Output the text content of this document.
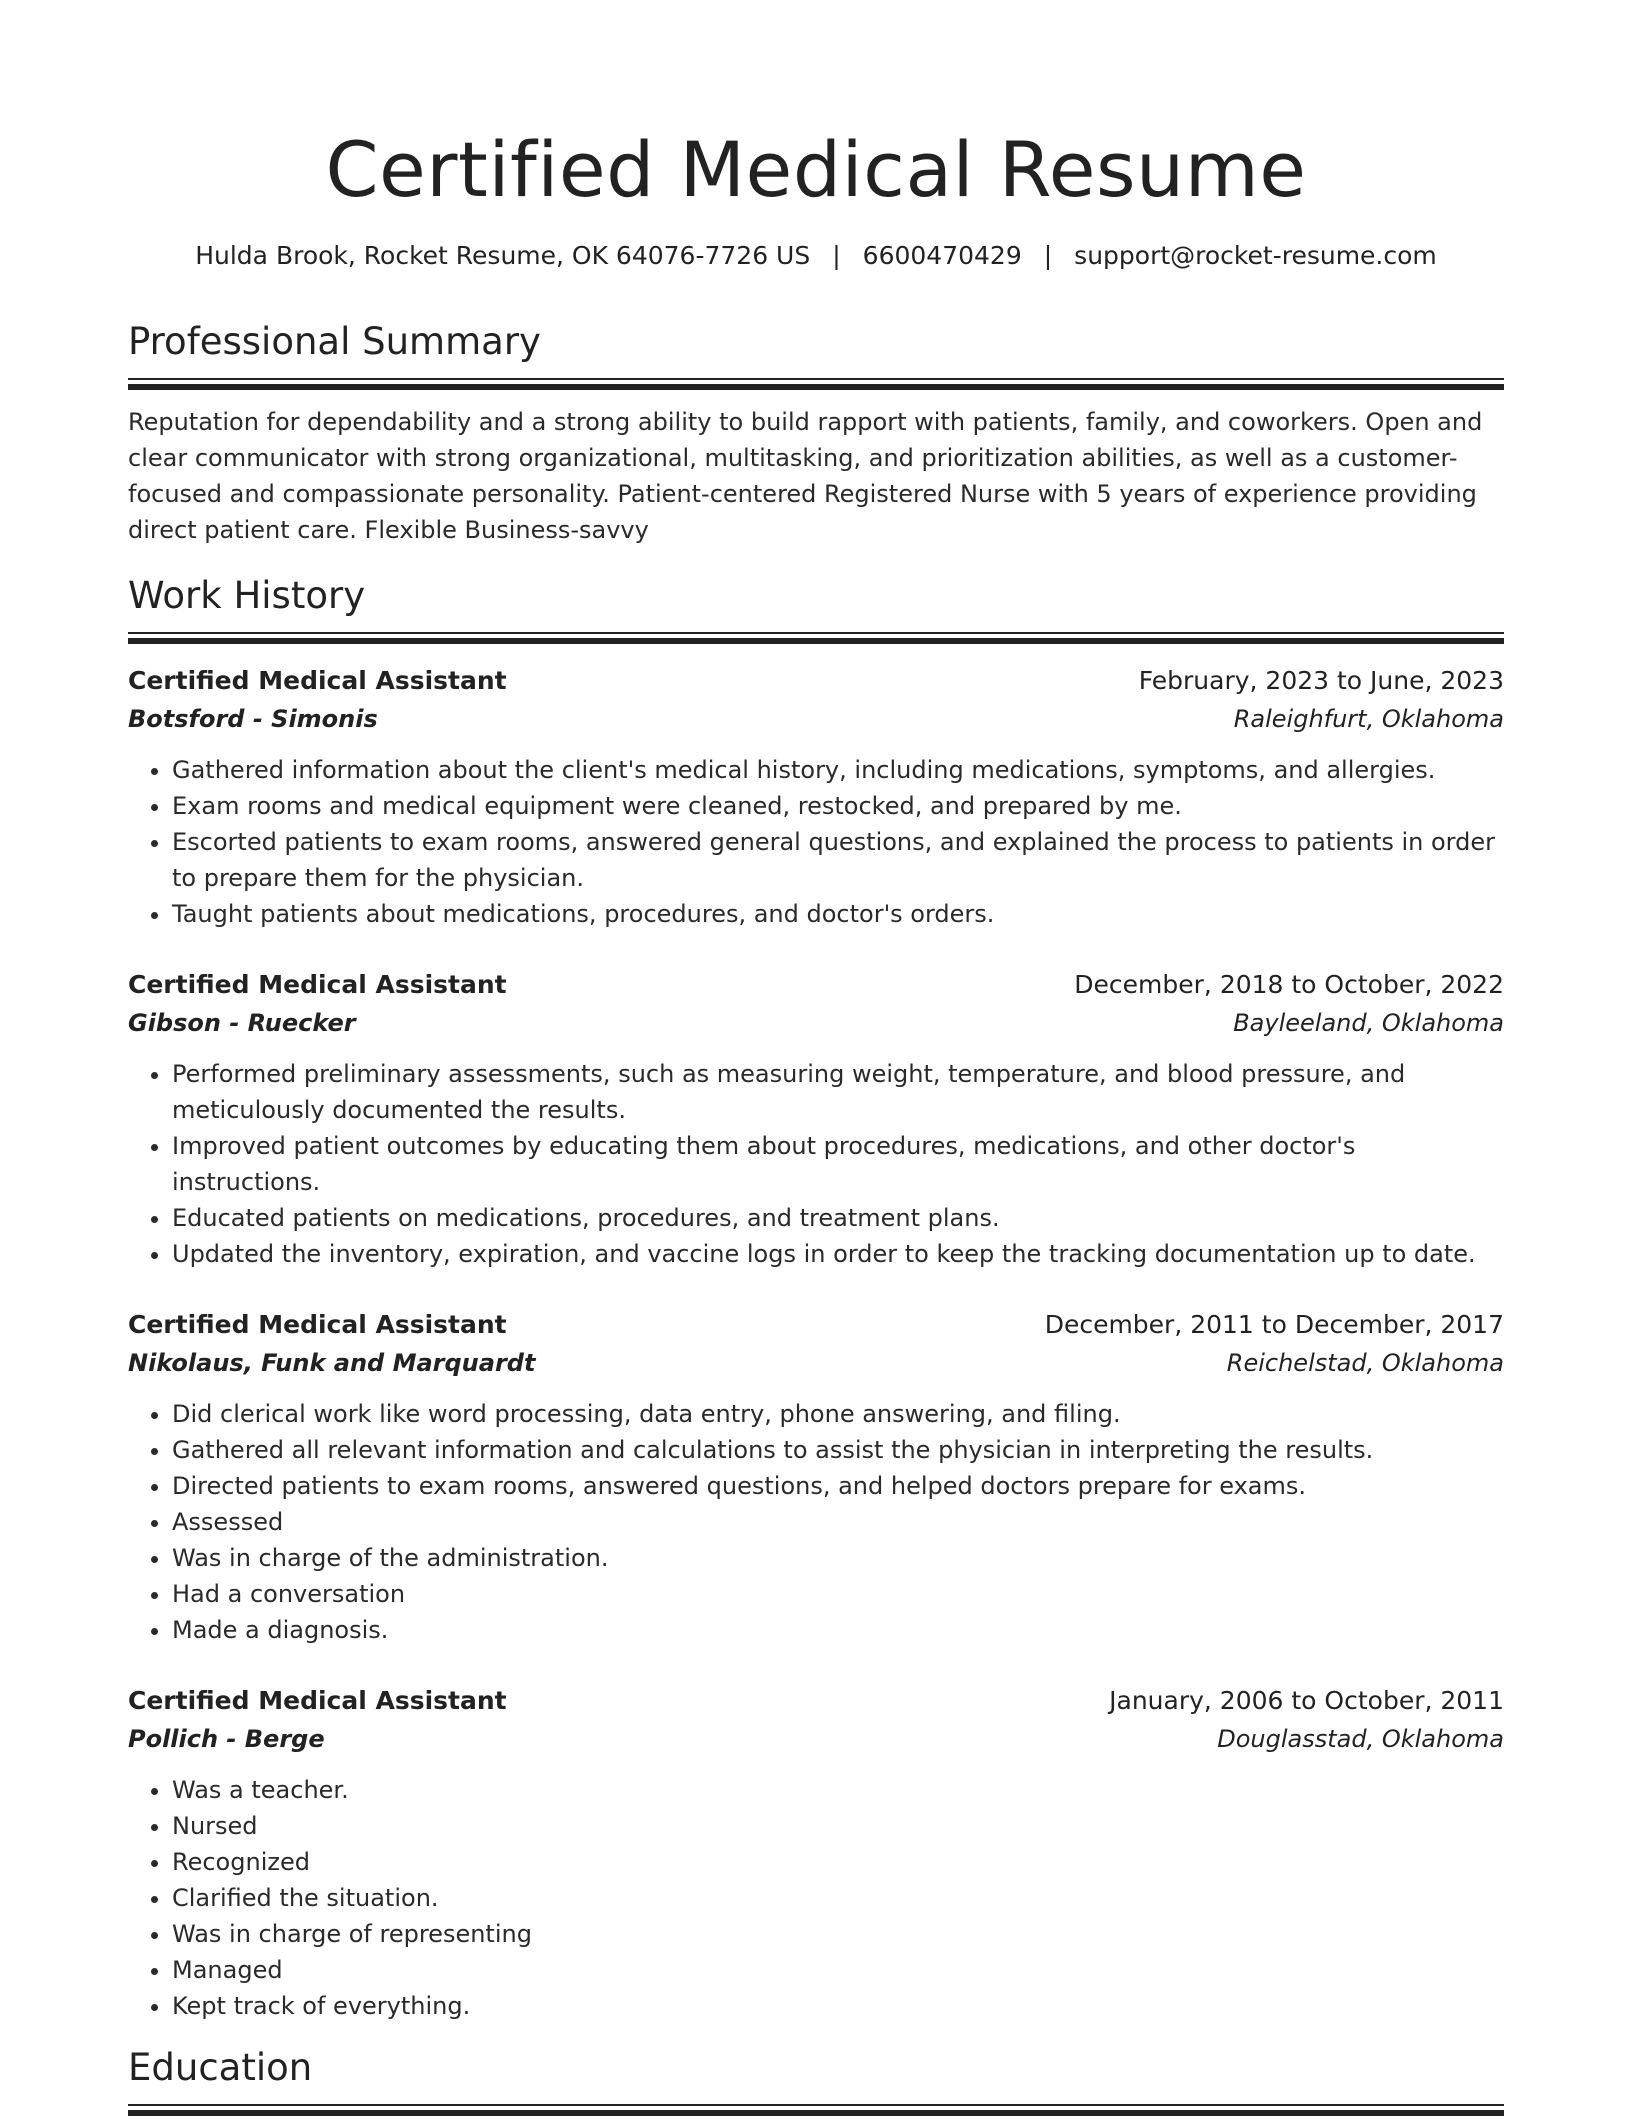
Certified Medical Resume
Hulda Brook, Rocket Resume, OK 64076-7726 US | 6600470429 | support@rocket-resume.com
Professional Summary

Reputation for dependability and a strong ability to build rapport with patients, family, and coworkers. Open and clear communicator with strong organizational, multitasking, and prioritization abilities, as well as a customer-focused and compassionate personality. Patient-centered Registered Nurse with 5 years of experience providing direct patient care. Flexible Business-savvy

Work History
Certified Medical Assistant	February, 2023 to June, 2023
Botsford - Simonis	Raleighfurt, Oklahoma
• Gathered information about the client's medical history, including medications, symptoms, and allergies.
• Exam rooms and medical equipment were cleaned, restocked, and prepared by me.
• Escorted patients to exam rooms, answered general questions, and explained the process to patients in order to prepare them for the physician.
• Taught patients about medications, procedures, and doctor's orders.
Certified Medical Assistant	December, 2018 to October, 2022
Gibson - Ruecker	Bayleeland, Oklahoma
• Performed preliminary assessments, such as measuring weight, temperature, and blood pressure, and meticulously documented the results.
• Improved patient outcomes by educating them about procedures, medications, and other doctor's instructions.
• Educated patients on medications, procedures, and treatment plans.
• Updated the inventory, expiration, and vaccine logs in order to keep the tracking documentation up to date.
Certified Medical Assistant	December, 2011 to December, 2017
Nikolaus, Funk and Marquardt	Reichelstad, Oklahoma
• Did clerical work like word processing, data entry, phone answering, and filing.
• Gathered all relevant information and calculations to assist the physician in interpreting the results.
• Directed patients to exam rooms, answered questions, and helped doctors prepare for exams.
• Assessed
• Was in charge of the administration.
• Had a conversation
• Made a diagnosis.
Certified Medical Assistant	January, 2006 to October, 2011
Pollich - Berge	Douglasstad, Oklahoma
• Was a teacher.
• Nursed
• Recognized
• Clarified the situation.
• Was in charge of representing
• Managed
• Kept track of everything.
Education
